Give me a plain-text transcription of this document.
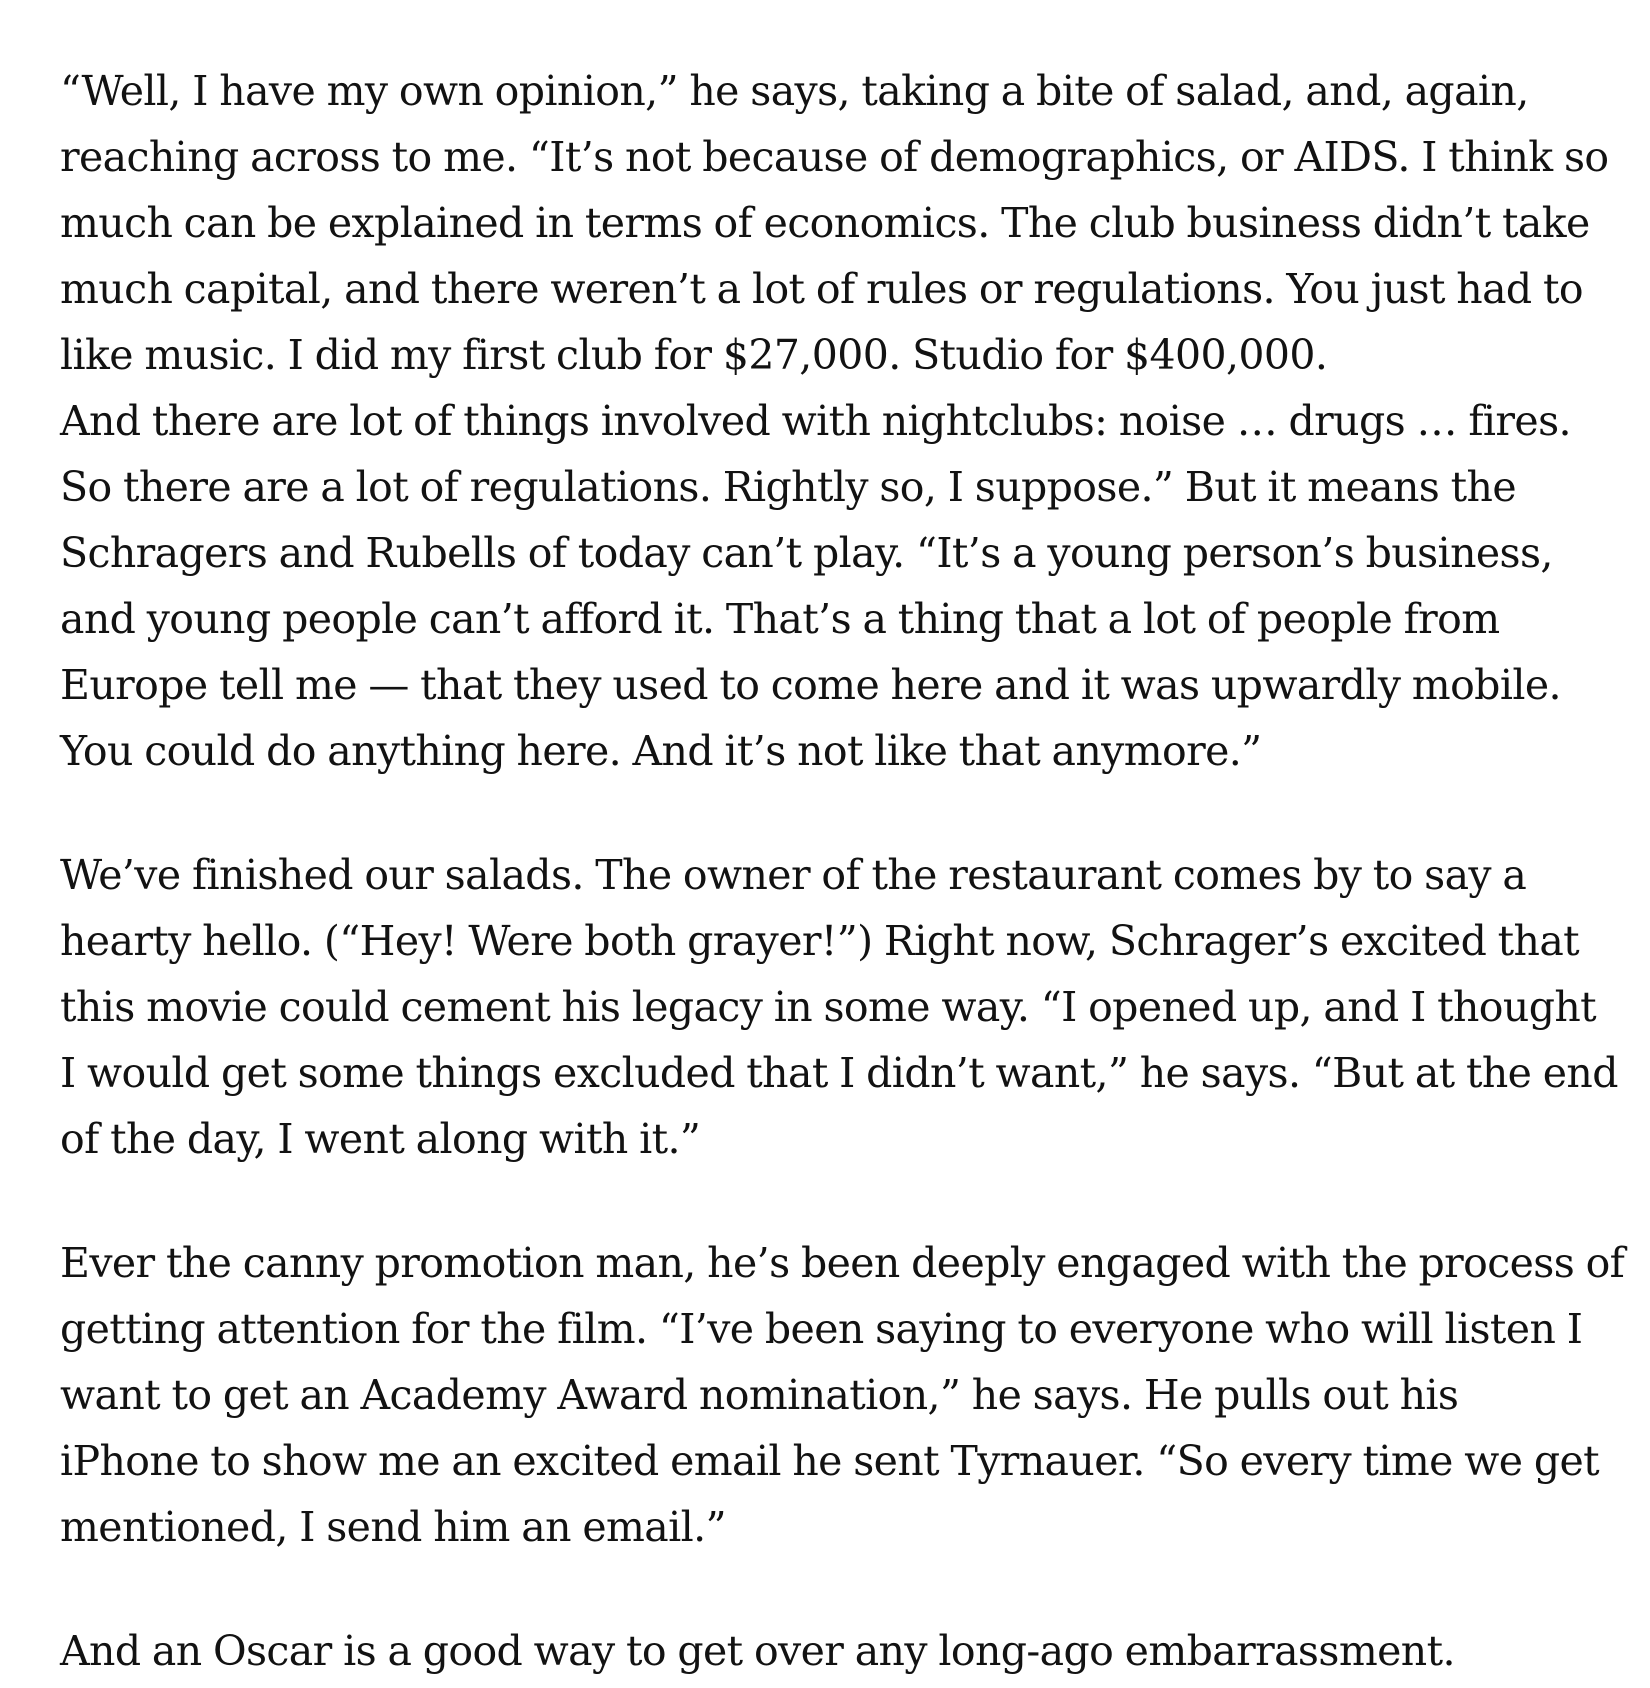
“Well, I have my own opinion,” he says, taking a bite of salad, and, again,
reaching across to me. “It’s not because of demographics, or AIDS. I think so
much can be explained in terms of economics. The club business didn’t take
much capital, and there weren’t a lot of rules or regulations. You just had to
like music. I did my first club for $27,000. Studio for $400,000.
And there are lot of things involved with nightclubs: noise … drugs … fires.
So there are a lot of regulations. Rightly so, I suppose.” But it means the
Schragers and Rubells of today can’t play. “It’s a young person’s business,
and young people can’t afford it. That’s a thing that a lot of people from
Europe tell me — that they used to come here and it was upwardly mobile.
You could do anything here. And it’s not like that anymore.”

We’ve finished our salads. The owner of the restaurant comes by to say a
hearty hello. (“Hey! Were both grayer!”) Right now, Schrager’s excited that
this movie could cement his legacy in some way. “I opened up, and I thought
I would get some things excluded that I didn’t want,” he says. “But at the end
of the day, I went along with it.”

Ever the canny promotion man, he’s been deeply engaged with the process of
getting attention for the film. “I’ve been saying to everyone who will listen I
want to get an Academy Award nomination,” he says. He pulls out his
iPhone to show me an excited email he sent Tyrnauer. “So every time we get
mentioned, I send him an email.”

And an Oscar is a good way to get over any long-ago embarrassment.
